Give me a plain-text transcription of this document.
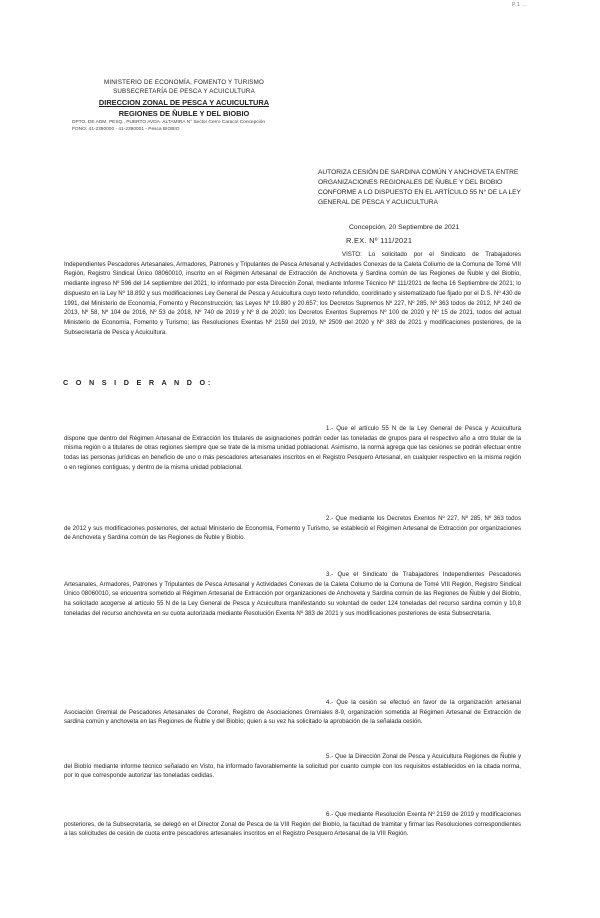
P.1 …
MINISTERIO DE ECONOMÍA, FOMENTO Y TURISMO
SUBSECRETARÍA DE PESCA Y ACUICULTURA
DIRECCION ZONAL DE PESCA Y ACUICULTURA
REGIONES DE ÑUBLE Y DEL BIOBIO
DPTO. DE ADM. PESQ., PUERTO AVDA. ALTAMIRA N° Sector Cerro Caracol Concepción
FONO: 41-2390000 - 41-2390001 - Pesca BIOBIO
AUTORIZA CESIÓN DE SARDINA COMÚN Y ANCHOVETA ENTRE ORGANIZACIONES REGIONALES DE ÑUBLE Y DEL BIOBIO CONFORME A LO DISPUESTO EN EL ARTÍCULO 55 N° DE LA LEY GENERAL DE PESCA Y ACUICULTURA
Concepción, 20 Septiembre de 2021
R.EX. Nº 111/2021

VISTO: Lo solicitado por el Sindicato de Trabajadores Independientes Pescadores Artesanales, Armadores, Patrones y Tripulantes de Pesca Artesanal y Actividades Conexas de la Caleta Coliumo de la Comuna de Tomé VIII Región, Registro Sindical Único 08060010, inscrito en el Régimen Artesanal de Extracción de Anchoveta y Sardina común de las Regiones de Ñuble y del Biobío, mediante ingreso Nº 596 del 14 septiembre del 2021; lo informado por esta Dirección Zonal, mediante Informe Técnico Nº 111/2021 de fecha 16 Septiembre de 2021; lo dispuesto en la Ley Nº 18.892 y sus modificaciones Ley General de Pesca y Acuicultura cuyo texto refundido, coordinado y sistematizado fue fijado por el D.S. Nº 430 de 1991, del Ministerio de Economía, Fomento y Reconstrucción; las Leyes Nº 19.880 y 20.657; los Decretos Supremos Nº 227, Nº 285, Nº 363 todos de 2012, Nº 240 de 2013, Nº 58, Nº 104 de 2016, Nº 53 de 2018, Nº 740 de 2019 y Nº 8 de 2020; los Decretos Exentos Supremos Nº 100 de 2020 y Nº 15 de 2021, todos del actual Ministerio de Economía, Fomento y Turismo; las Resoluciones Exentas Nº 2159 del 2019, Nº 2509 del 2020 y Nº 383 de 2021 y modificaciones posteriores, de la Subsecretaría de Pesca y Acuicultura.

C O N S I D E R A N D O:

1.- Que el artículo 55 N de la Ley General de Pesca y Acuicultura dispone que dentro del Régimen Artesanal de Extracción los titulares de asignaciones podrán ceder las toneladas de grupos para el respectivo año a otro titular de la misma región o a titulares de otras regiones siempre que se trate de la misma unidad poblacional. Asimismo, la norma agrega que las cesiones se podrán efectuar entre todas las personas jurídicas en beneficio de uno o más pescadores artesanales inscritos en el Registro Pesquero Artesanal, en cualquier respectivo en la misma región o en regiones contiguas, y dentro de la misma unidad poblacional.

2.- Que mediante los Decretos Exentos Nº 227, Nº 285, Nº 363 todos de 2012 y sus modificaciones posteriores, del actual Ministerio de Economía, Fomento y Turismo, se estableció el Régimen Artesanal de Extracción por organizaciones de Anchoveta y Sardina común de las Regiones de Ñuble y Biobío.

3.- Que el Sindicato de Trabajadores Independientes Pescadores Artesanales, Armadores, Patrones y Tripulantes de Pesca Artesanal y Actividades Conexas de la Caleta Coliumo de la Comuna de Tomé VIII Región, Registro Sindical Único 08060010, se encuentra sometido al Régimen Artesanal de Extracción por organizaciones de Anchoveta y Sardina común de las Regiones de Ñuble y del Biobío, ha solicitado acogerse al artículo 55 N de la Ley General de Pesca y Acuicultura manifestando su voluntad de ceder 124 toneladas del recurso sardina común y 10,8 toneladas del recurso anchoveta en su cuota autorizada mediante Resolución Exenta Nº 383 de 2021 y sus modificaciones posteriores de esta Subsecretaría.

4.- Que la cesión se efectuó en favor de la organización artesanal Asociación Gremial de Pescadores Artesanales de Coronel, Registro de Asociaciones Gremiales 8-9, organización sometida al Régimen Artesanal de Extracción de sardina común y anchoveta en las Regiones de Ñuble y del Biobío; quien a su vez ha solicitado la aprobación de la señalada cesión.

5.- Que la Dirección Zonal de Pesca y Acuicultura Regiones de Ñuble y del Biobío mediante informe técnico señalado en Visto, ha informado favorablemente la solicitud por cuanto cumple con los requisitos establecidos en la citada norma, por lo que corresponde autorizar las toneladas cedidas.

6.- Que mediante Resolución Exenta Nº 2159 de 2019 y modificaciones posteriores, de la Subsecretaría, se delegó en el Director Zonal de Pesca de la VIII Región del Biobío, la facultad de tramitar y firmar las Resoluciones correspondientes a las solicitudes de cesión de cuota entre pescadores artesanales inscritos en el Registro Pesquero Artesanal de la VIII Región.
